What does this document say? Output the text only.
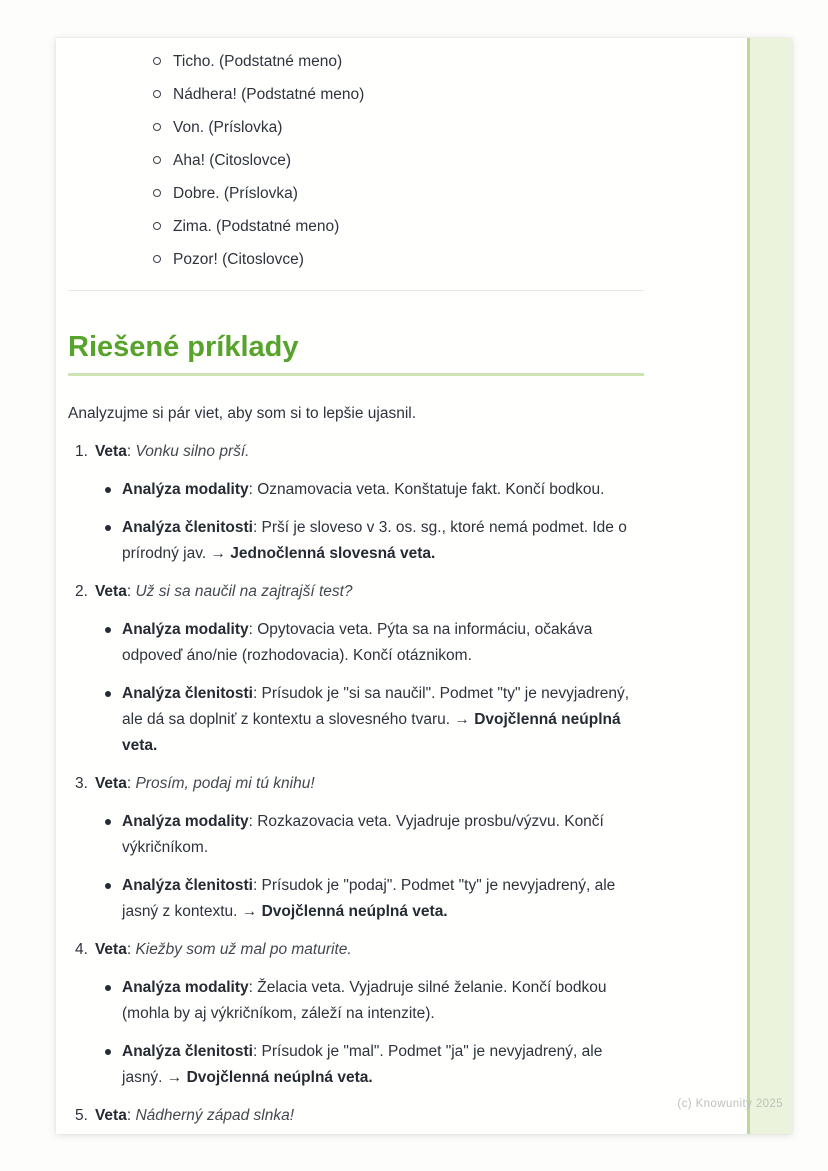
Ticho. (Podstatné meno)
Nádhera! (Podstatné meno)
Von. (Príslovka)
Aha! (Citoslovce)
Dobre. (Príslovka)
Zima. (Podstatné meno)
Pozor! (Citoslovce)
Riešené príklady

Analyzujme si pár viet, aby som si to lepšie ujasnil.

1. Veta: Vonku silno prší.
Analýza modality: Oznamovacia veta. Konštatuje fakt. Končí bodkou.
Analýza členitosti: Prší je sloveso v 3. os. sg., ktoré nemá podmet. Ide o prírodný jav. → Jednočlenná slovesná veta.
2. Veta: Už si sa naučil na zajtrajší test?
Analýza modality: Opytovacia veta. Pýta sa na informáciu, očakáva odpoveď áno/nie (rozhodovacia). Končí otáznikom.
Analýza členitosti: Prísudok je "si sa naučil". Podmet "ty" je nevyjadrený, ale dá sa doplniť z kontextu a slovesného tvaru. → Dvojčlenná neúplná veta.
3. Veta: Prosím, podaj mi tú knihu!
Analýza modality: Rozkazovacia veta. Vyjadruje prosbu/výzvu. Končí výkričníkom.
Analýza členitosti: Prísudok je "podaj". Podmet "ty" je nevyjadrený, ale jasný z kontextu. → Dvojčlenná neúplná veta.
4. Veta: Kiežby som už mal po maturite.
Analýza modality: Želacia veta. Vyjadruje silné želanie. Končí bodkou (mohla by aj výkričníkom, záleží na intenzite).
Analýza členitosti: Prísudok je "mal". Podmet "ja" je nevyjadrený, ale jasný. → Dvojčlenná neúplná veta.
5. Veta: Nádherný západ slnka!
(c) Knowunity 2025
